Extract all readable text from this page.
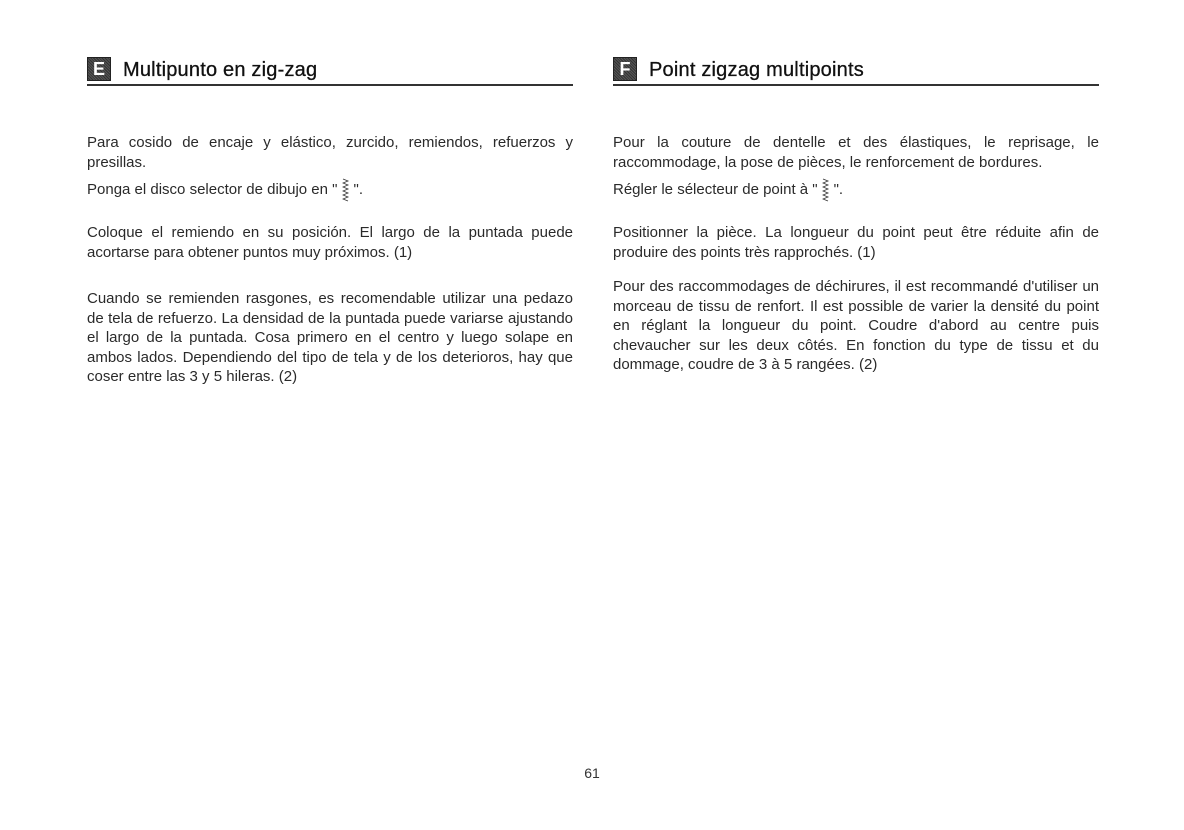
E Multipunto en zig-zag

Para cosido de encaje y elástico, zurcido, remiendos, refuerzos y presillas.

Ponga el disco selector de dibujo en " ".

Coloque el remiendo en su posición. El largo de la puntada puede acortarse para obtener puntos muy próximos. (1)

Cuando se remienden rasgones, es recomendable utilizar una pedazo de tela de refuerzo. La densidad de la puntada puede variarse ajustando el largo de la puntada. Cosa primero en el centro y luego solape en ambos lados. Dependiendo del tipo de tela y de los deterioros, hay que coser entre las 3 y 5 hileras. (2)

F Point zigzag multipoints

Pour la couture de dentelle et des élastiques, le reprisage, le raccommodage, la pose de pièces, le renforcement de bordures.

Régler le sélecteur de point à " ".

Positionner la pièce. La longueur du point peut être réduite afin de produire des points très rapprochés. (1)

Pour des raccommodages de déchirures, il est recommandé d'utiliser un morceau de tissu de renfort. Il est possible de varier la densité du point en réglant la longueur du point. Coudre d'abord au centre puis chevaucher sur les deux côtés. En fonction du type de tissu et du dommage, coudre de 3 à 5 rangées. (2)

61
